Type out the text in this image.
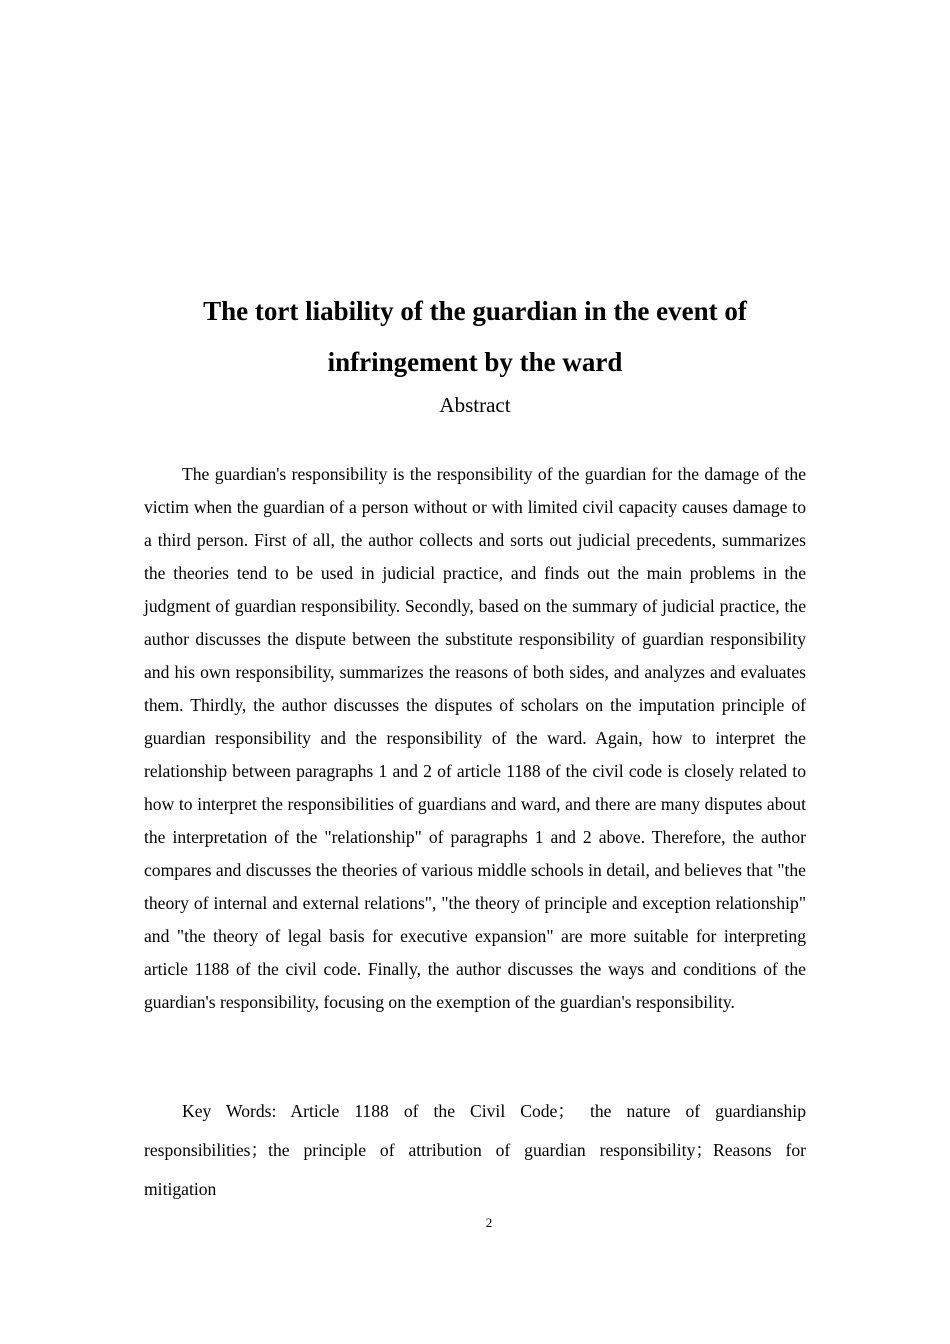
The tort liability of the guardian in the event of infringement by the ward

Abstract

The guardian's responsibility is the responsibility of the guardian for the damage of the victim when the guardian of a person without or with limited civil capacity causes damage to a third person. First of all, the author collects and sorts out judicial precedents, summarizes the theories tend to be used in judicial practice, and finds out the main problems in the judgment of guardian responsibility. Secondly, based on the summary of judicial practice, the author discusses the dispute between the substitute responsibility of guardian responsibility and his own responsibility, summarizes the reasons of both sides, and analyzes and evaluates them. Thirdly, the author discusses the disputes of scholars on the imputation principle of guardian responsibility and the responsibility of the ward. Again, how to interpret the relationship between paragraphs 1 and 2 of article 1188 of the civil code is closely related to how to interpret the responsibilities of guardians and ward, and there are many disputes about the interpretation of the "relationship" of paragraphs 1 and 2 above. Therefore, the author compares and discusses the theories of various middle schools in detail, and believes that "the theory of internal and external relations", "the theory of principle and exception relationship" and "the theory of legal basis for executive expansion" are more suitable for interpreting article 1188 of the civil code. Finally, the author discusses the ways and conditions of the guardian's responsibility, focusing on the exemption of the guardian's responsibility.

Key Words: Article 1188 of the Civil Code； the nature of guardianship responsibilities；the principle of attribution of guardian responsibility；Reasons for mitigation

2
